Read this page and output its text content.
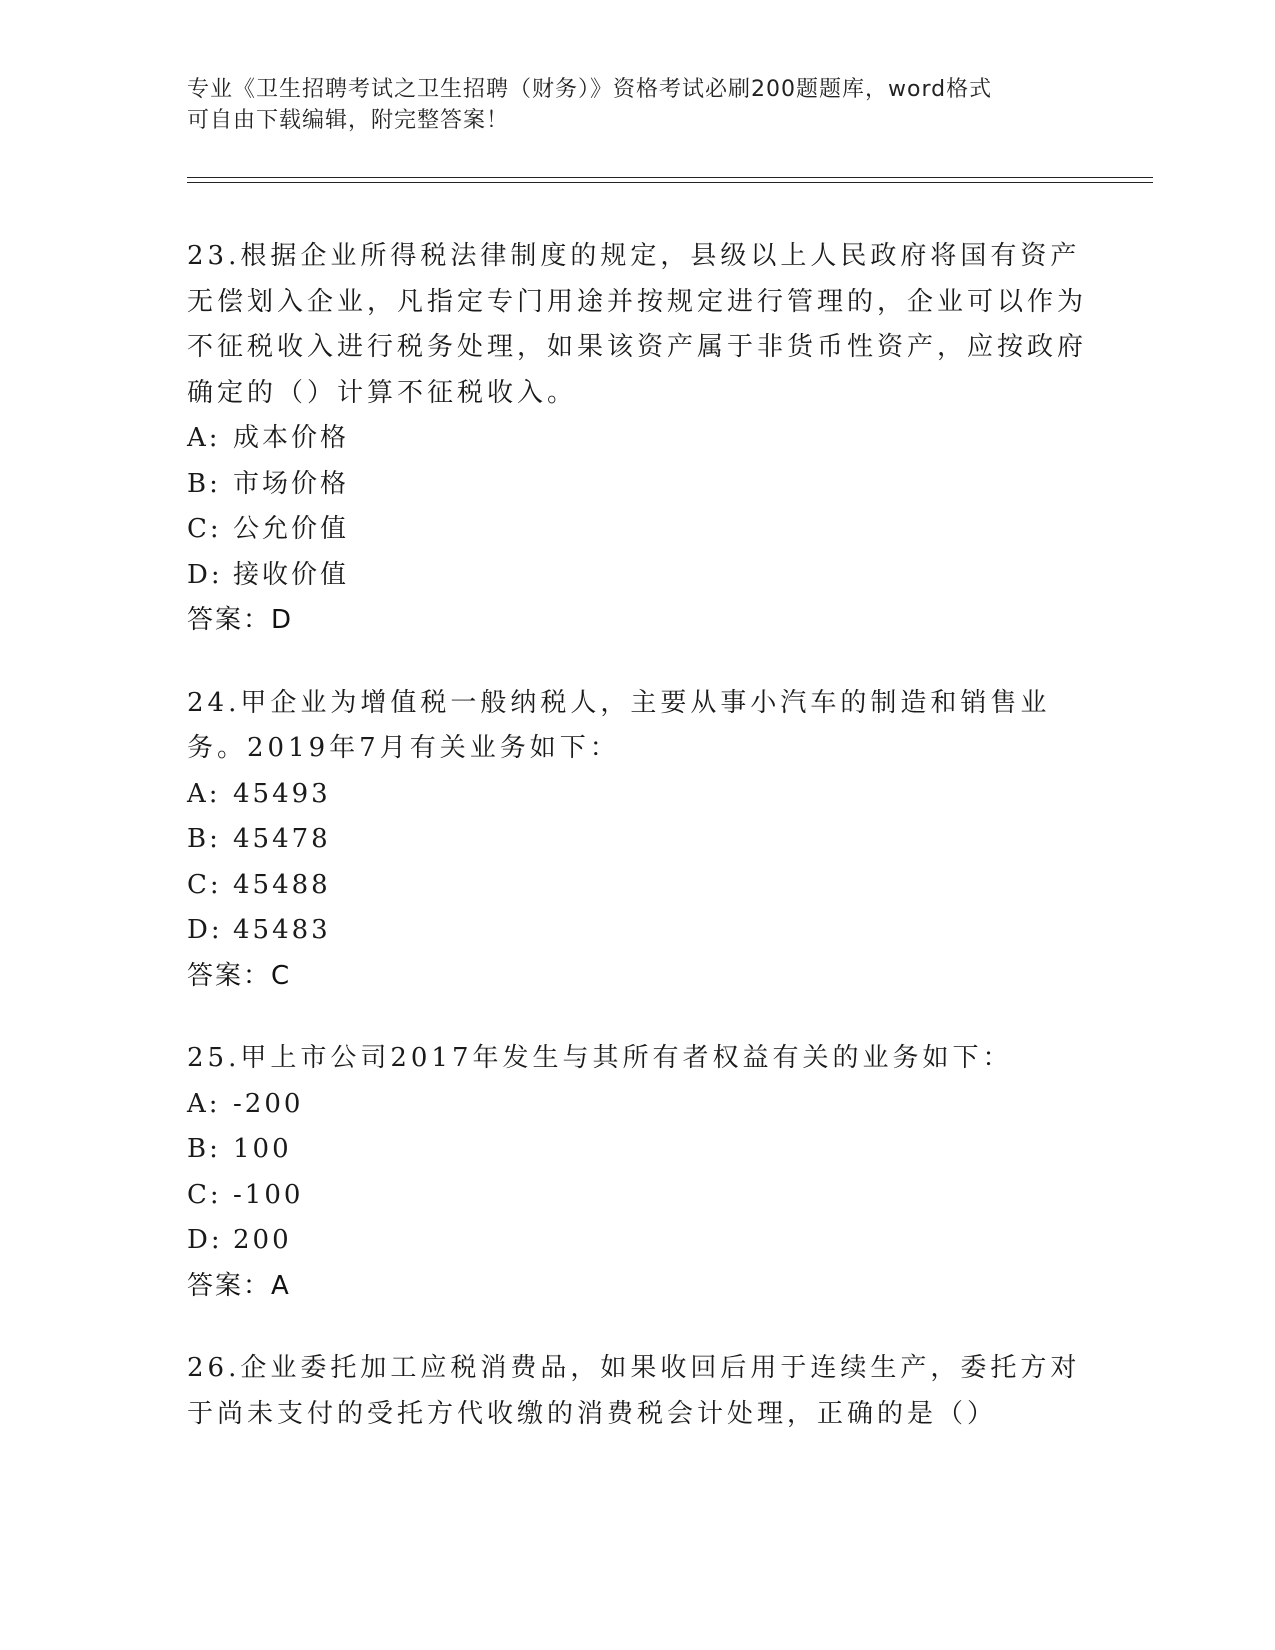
专业《卫生招聘考试之卫生招聘（财务）》资格考试必刷200题题库，word格式
可自由下载编辑，附完整答案！

23.根据企业所得税法律制度的规定，县级以上人民政府将国有资产无偿划入企业，凡指定专门用途并按规定进行管理的，企业可以作为不征税收入进行税务处理，如果该资产属于非货币性资产，应按政府确定的（）计算不征税收入。

A: 成本价格

B: 市场价格

C: 公允价值

D: 接收价值

答案：D

24.甲企业为增值税一般纳税人，主要从事小汽车的制造和销售业务。2019年7月有关业务如下：

A: 45493

B: 45478

C: 45488

D: 45483

答案：C

25.甲上市公司2017年发生与其所有者权益有关的业务如下：

A: -200

B: 100

C: -100

D: 200

答案：A

26.企业委托加工应税消费品，如果收回后用于连续生产，委托方对于尚未支付的受托方代收缴的消费税会计处理，正确的是（）
